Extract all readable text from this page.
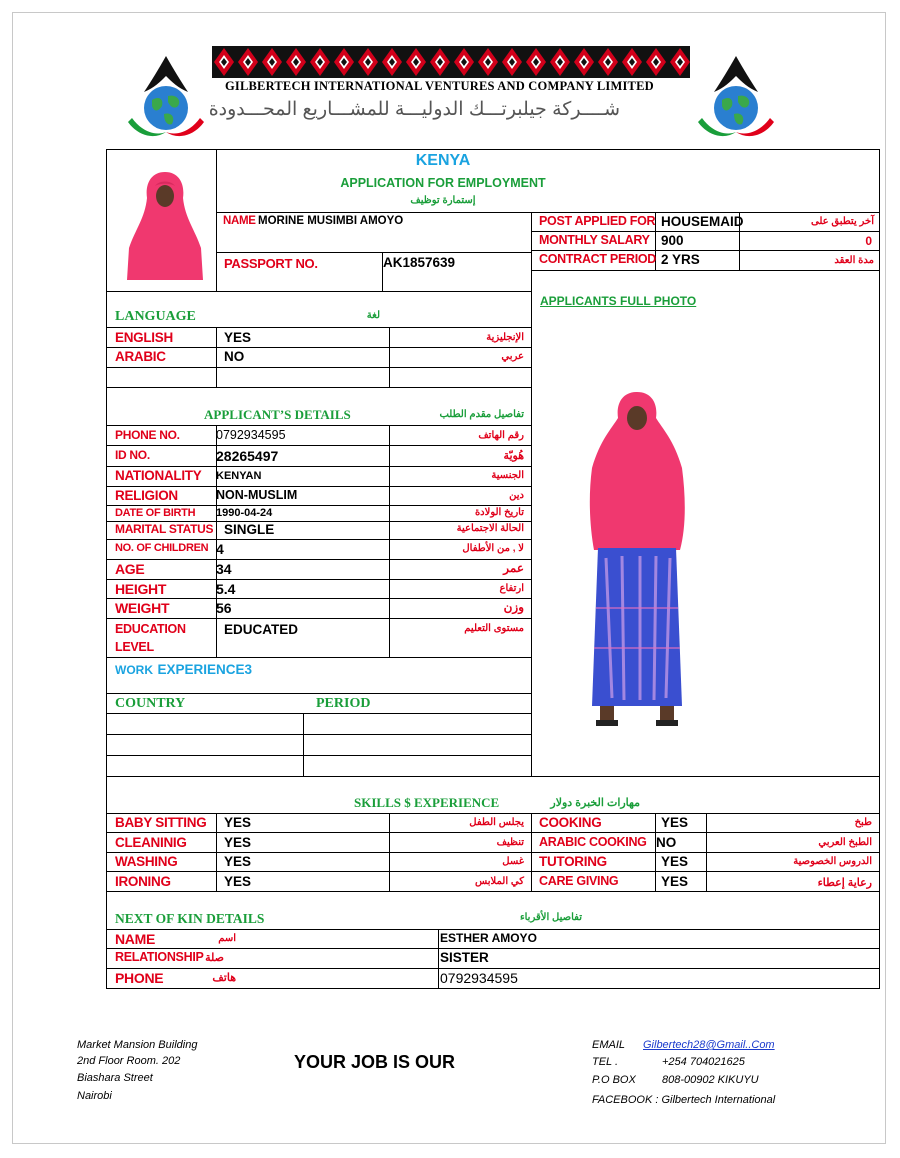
GILBERTECH INTERNATIONAL VENTURES AND COMPANY LIMITED
شــــركة جيلبرتـــك الدوليـــة للمشـــاريع المحـــدودة
KENYA
APPLICATION FOR EMPLOYMENT
إستمارة توظيف
NAME MORINE MUSIMBI AMOYO
PASSPORT NO.	AK1857639
POST APPLIED FOR HOUSEMAID	آخر يتطبق على
MONTHLY SALARY 900	0
CONTRACT PERIOD 2 YRS	مدة العقد
APPLICANTS FULL PHOTO
LANGUAGE	لغة
ENGLISH	YES	الإنجليزية
ARABIC	NO	عربي
APPLICANT’S DETAILS	تفاصيل مقدم الطلب
PHONE NO.	0792934595	رقم الهاتف
ID NO.	28265497	هُويّة
NATIONALITY KENYAN	الجنسية
RELIGION	NON-MUSLIM	دين
DATE OF BIRTH 1990-04-24	تاريخ الولادة
MARITAL STATUS SINGLE	الحالة الاجتماعية
NO. OF CHILDREN 4	لا , من الأطفال
AGE	34	عمر
HEIGHT	5.4	ارتفاع
WEIGHT	56	وزن
EDUCATION LEVEL
EDUCATED	مستوى التعليم
WORK EXPERIENCE3
COUNTRY	PERIOD
SKILLS $ EXPERIENCE	مهارات الخبرة دولار
BABY SITTING YES	يجلس الطفل
CLEANINIG	YES	تنظيف
WASHING	YES	غسل
IRONING	YES	كي الملابس
COOKING	YES	طبخ
ARABIC COOKING NO	الطبخ العربي
TUTORING	YES	الدروس الخصوصية
CARE GIVING	YES	رعاية إعطاء
NEXT OF KIN DETAILS	تفاصيل الأقرباء
NAME	اسم	ESTHER AMOYO
RELATIONSHIP صلة	SISTER
PHONE	هاتف	0792934595
Market Mansion Building
2nd Floor Room. 202
Biashara Street
Nairobi
YOUR JOB IS OUR
EMAIL Gilbertech28@Gmail..Com
TEL .	+254 704021625
P.O BOX 808-00902 KIKUYU
FACEBOOK : Gilbertech International
